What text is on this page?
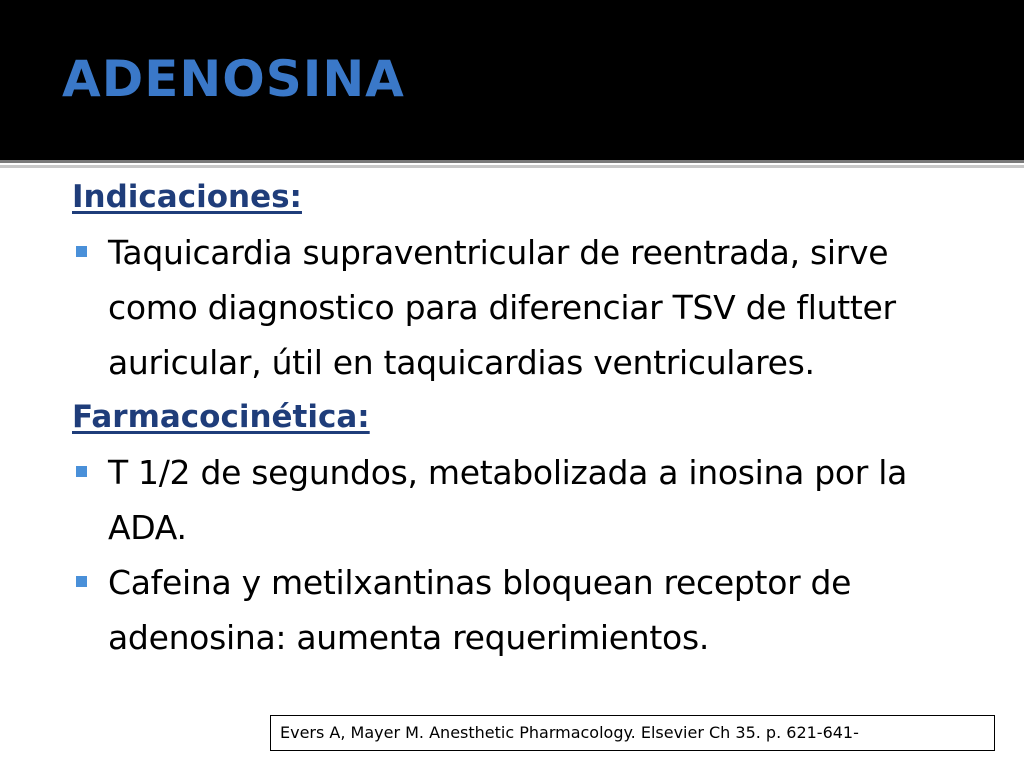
ADENOSINA
Indicaciones:
Taquicardia supraventricular de reentrada, sirve como diagnostico para diferenciar TSV de flutter auricular, útil en taquicardias ventriculares.
Farmacocinética:
T 1/2 de segundos, metabolizada a inosina por la ADA.
Cafeina y metilxantinas bloquean receptor de adenosina: aumenta requerimientos.
Evers A, Mayer M. Anesthetic Pharmacology. Elsevier Ch 35. p. 621-641-
